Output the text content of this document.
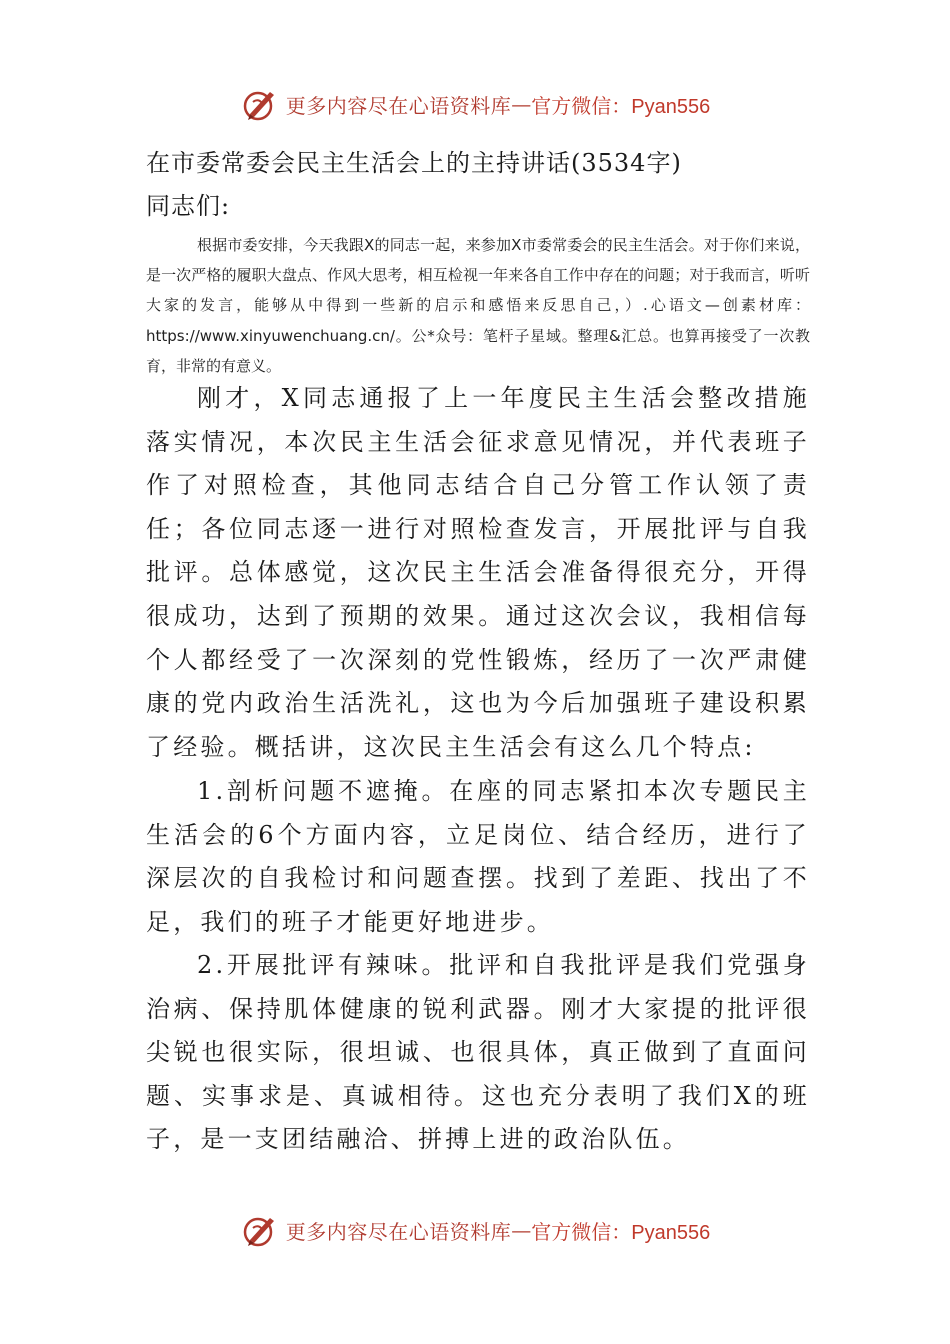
更多内容尽在心语资料库 — 官方微信：Pyan556
在市委常委会民主生活会上的主持讲话(3534字)
同志们:
根据市委安排，今天我跟X的同志一起，来参加X市委常委会的民主生活会。对于你们来说，是一次严格的履职大盘点、作风大思考，相互检视一年来各自工作中存在的问题；对于我而言，听听大家的发言，能够从中得到一些新的启示和感悟来反思自己，）.心语文—创素材库：https://www.xinyuwenchuang.cn/。公*众号：笔杆子星域。整理&汇总。也算再接受了一次教育，非常的有意义。

刚才，X同志通报了上一年度民主生活会整改措施落实情况，本次民主生活会征求意见情况，并代表班子作了对照检查，其他同志结合自己分管工作认领了责任；各位同志逐一进行对照检查发言，开展批评与自我批评。总体感觉，这次民主生活会准备得很充分，开得很成功，达到了预期的效果。通过这次会议，我相信每个人都经受了一次深刻的党性锻炼，经历了一次严肃健康的党内政治生活洗礼，这也为今后加强班子建设积累了经验。概括讲，这次民主生活会有这么几个特点:

1.剖析问题不遮掩。在座的同志紧扣本次专题民主生活会的6个方面内容，立足岗位、结合经历，进行了深层次的自我检讨和问题查摆。找到了差距、找出了不足，我们的班子才能更好地进步。

2.开展批评有辣味。批评和自我批评是我们党强身治病、保持肌体健康的锐利武器。刚才大家提的批评很尖锐也很实际，很坦诚、也很具体，真正做到了直面问题、实事求是、真诚相待。这也充分表明了我们X的班子，是一支团结融洽、拼搏上进的政治队伍。

更多内容尽在心语资料库 — 官方微信：Pyan556
